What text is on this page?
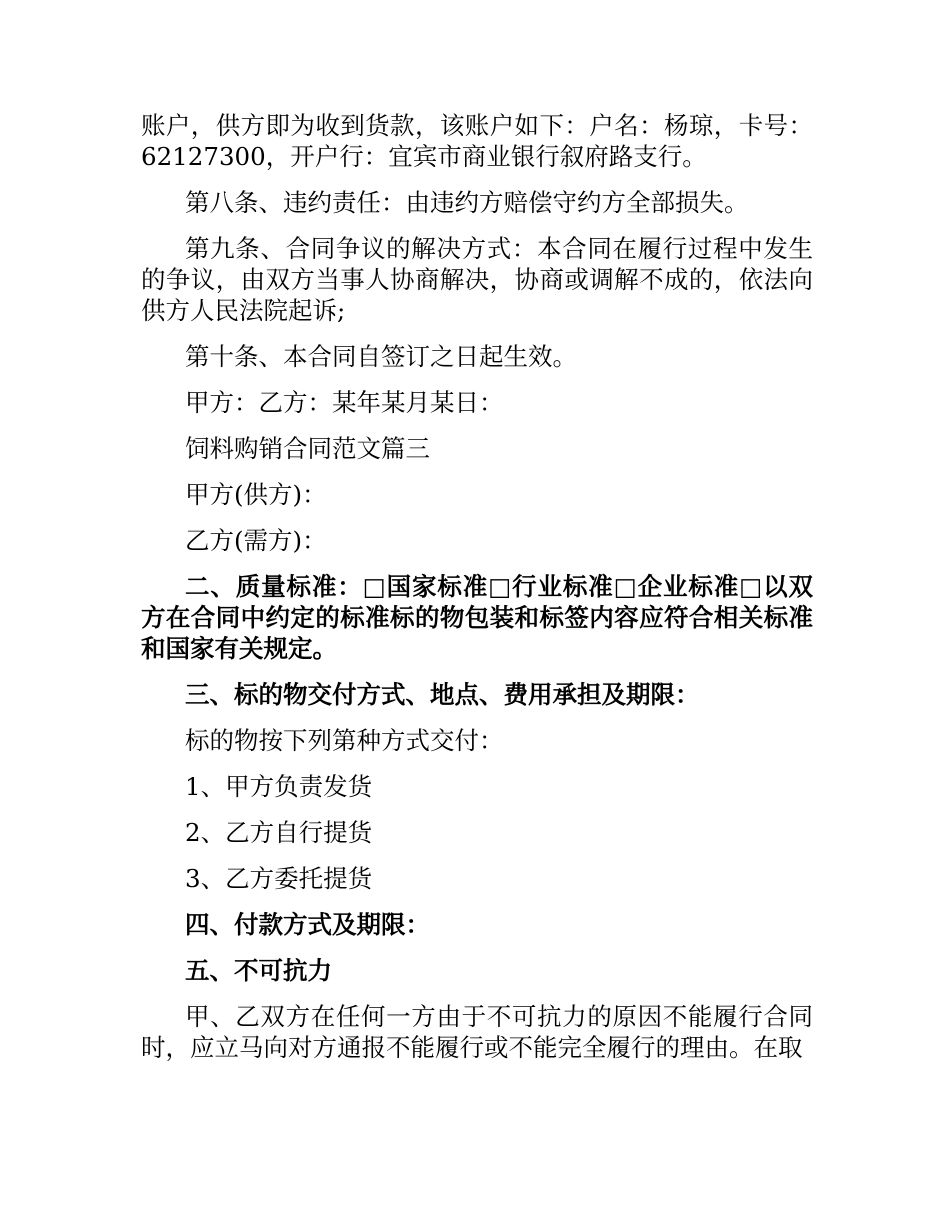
账户，供方即为收到货款，该账户如下：户名：杨琼，卡号：62127300，开户行：宜宾市商业银行叙府路支行。

第八条、违约责任：由违约方赔偿守约方全部损失。

第九条、合同争议的解决方式：本合同在履行过程中发生的争议，由双方当事人协商解决，协商或调解不成的，依法向供方人民法院起诉;

第十条、本合同自签订之日起生效。

甲方：乙方：某年某月某日：

饲料购销合同范文篇三

甲方(供方)：

乙方(需方)：

二、质量标准：□国家标准□行业标准□企业标准□以双方在合同中约定的标准标的物包装和标签内容应符合相关标准和国家有关规定。

三、标的物交付方式、地点、费用承担及期限：

标的物按下列第种方式交付：

1、甲方负责发货

2、乙方自行提货

3、乙方委托提货

四、付款方式及期限：

五、不可抗力

甲、乙双方在任何一方由于不可抗力的原因不能履行合同时，应立马向对方通报不能履行或不能完全履行的理由。在取
